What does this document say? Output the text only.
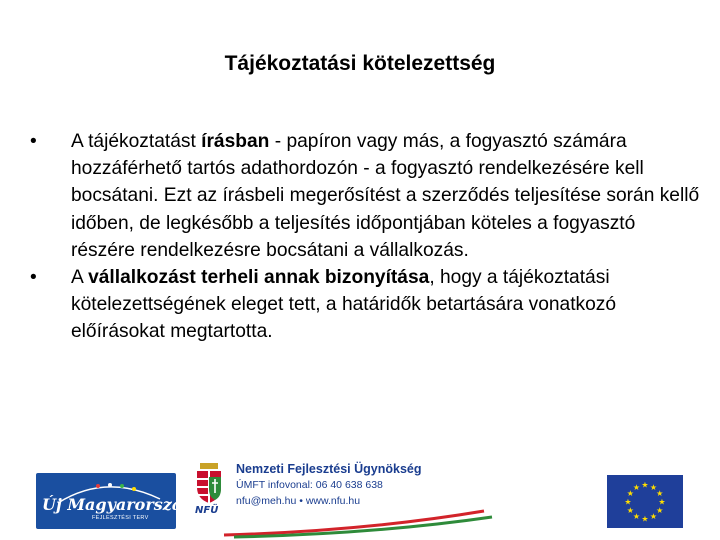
Tájékoztatási kötelezettség

• A tájékoztatást írásban - papíron vagy más, a fogyasztó számára hozzáférhető tartós adathordozón - a fogyasztó rendelkezésére kell bocsátani. Ezt az írásbeli megerősítést a szerződés teljesítése során kellő időben, de legkésőbb a teljesítés időpontjában köteles a fogyasztó részére rendelkezésre bocsátani a vállalkozás.

• A vállalkozást terheli annak bizonyítása, hogy a tájékoztatási kötelezettségének eleget tett, a határidők betartására vonatkozó előírásokat megtartotta.

Új Magyarország
FEJLESZTÉSI TERV
NFÜ
Nemzeti Fejlesztési Ügynökség
ÚMFT infovonal: 06 40 638 638
nfu@meh.hu • www.nfu.hu
★ ★
★
★
★
★
★
★
★
★
★
★
